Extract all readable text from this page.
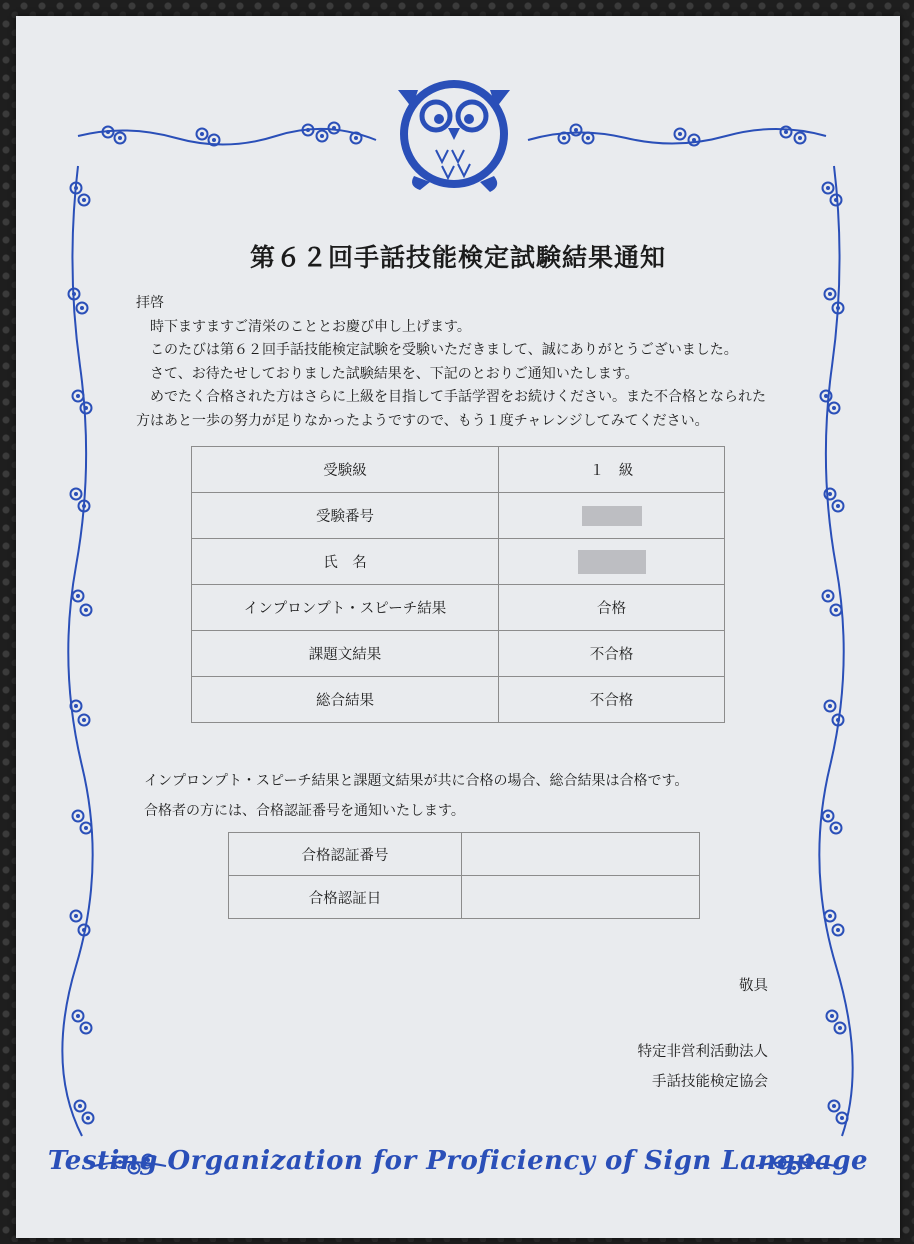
第６２回手話技能検定試験結果通知

拝啓

　時下ますますご清栄のこととお慶び申し上げます。

　このたびは第６２回手話技能検定試験を受験いただきまして、誠にありがとうございました。

　さて、お待たせしておりました試験結果を、下記のとおりご通知いたします。

　めでたく合格された方はさらに上級を目指して手話学習をお続けください。また不合格となられた

方はあと一歩の努力が足りなかったようですので、もう１度チャレンジしてみてください。

受験級	１　級
受験番号	
氏　名	
インプロンプト・スピーチ結果	合格
課題文結果	不合格
総合結果	不合格

インプロンプト・スピーチ結果と課題文結果が共に合格の場合、総合結果は合格です。

合格者の方には、合格認証番号を通知いたします。

合格認証番号	
合格認証日	
敬具
特定非営利活動法人
手話技能検定協会
Testing Organization for Proficiency of Sign Language
